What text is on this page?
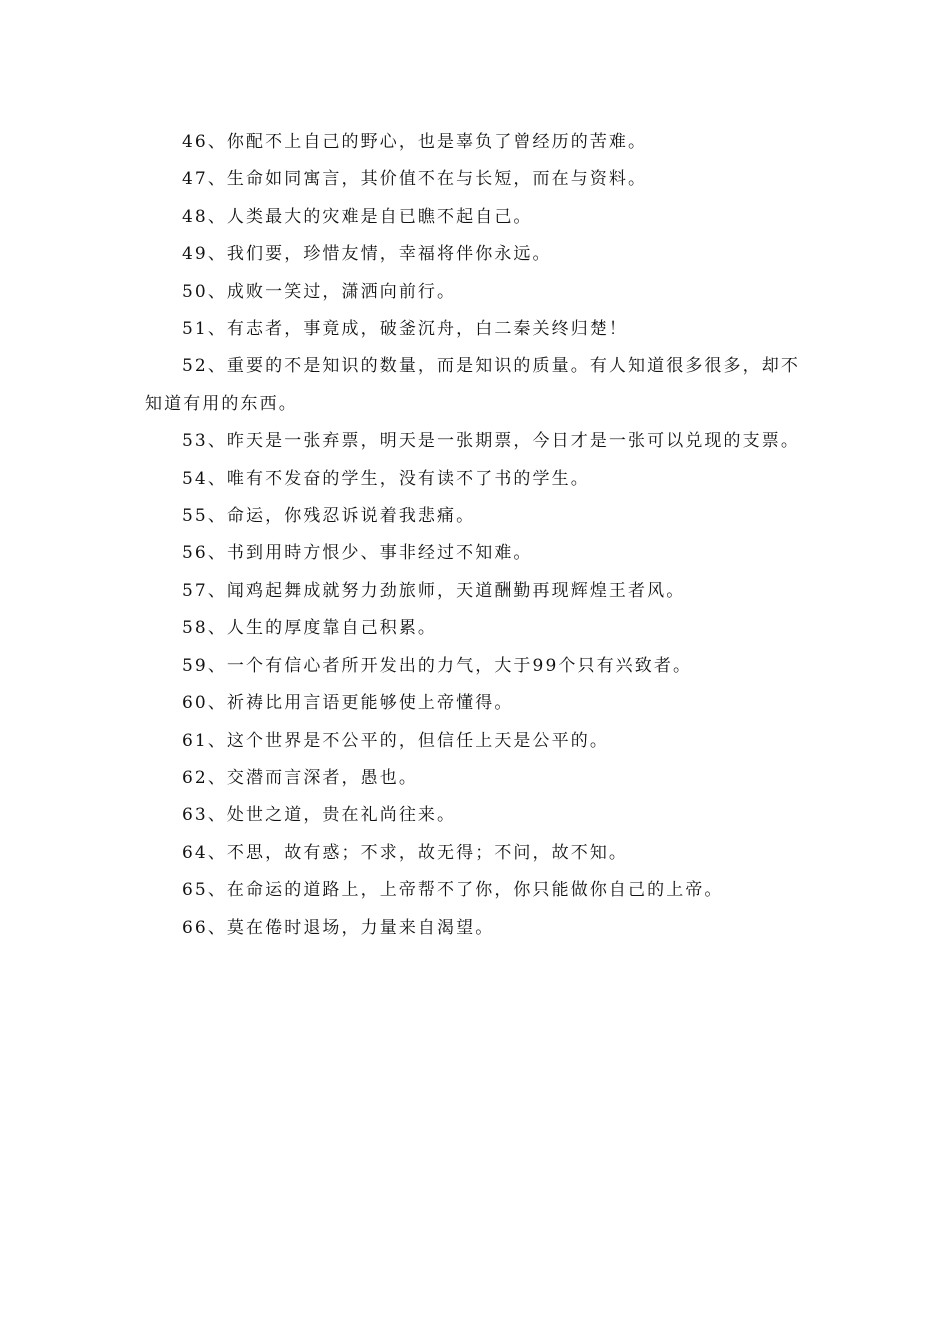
46、你配不上自己的野心，也是辜负了曾经历的苦难。
47、生命如同寓言，其价值不在与长短，而在与资料。
48、人类最大的灾难是自已瞧不起自己。
49、我们要，珍惜友情，幸福将伴你永远。
50、成败一笑过，潇洒向前行。
51、有志者，事竟成，破釜沉舟，白二秦关终归楚！
52、重要的不是知识的数量，而是知识的质量。有人知道很多很多，却不知道有用的东西。
53、昨天是一张弃票，明天是一张期票，今日才是一张可以兑现的支票。
54、唯有不发奋的学生，没有读不了书的学生。
55、命运，你残忍诉说着我悲痛。
56、书到用時方恨少、事非经过不知难。
57、闻鸡起舞成就努力劲旅师，天道酬勤再现辉煌王者风。
58、人生的厚度靠自己积累。
59、一个有信心者所开发出的力气，大于99个只有兴致者。
60、祈祷比用言语更能够使上帝懂得。
61、这个世界是不公平的，但信任上天是公平的。
62、交潜而言深者，愚也。
63、处世之道，贵在礼尚往来。
64、不思，故有惑；不求，故无得；不问，故不知。
65、在命运的道路上，上帝帮不了你，你只能做你自己的上帝。
66、莫在倦时退场，力量来自渴望。
